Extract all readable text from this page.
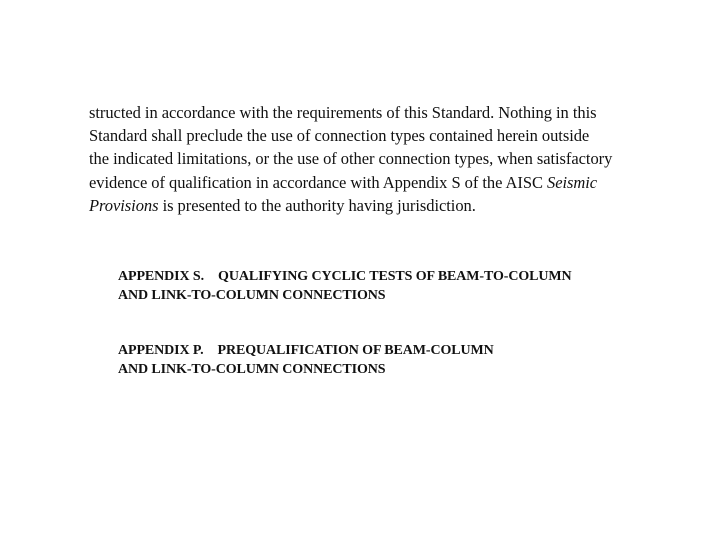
structed in accordance with the requirements of this Standard. Nothing in this
Standard shall preclude the use of connection types contained herein outside
the indicated limitations, or the use of other connection types, when satisfactory
evidence of qualification in accordance with Appendix S of the AISC Seismic
Provisions is presented to the authority having jurisdiction.

APPENDIX S. QUALIFYING CYCLIC TESTS OF BEAM-TO-COLUMN
AND LINK-TO-COLUMN CONNECTIONS
APPENDIX P. PREQUALIFICATION OF BEAM-COLUMN
AND LINK-TO-COLUMN CONNECTIONS
